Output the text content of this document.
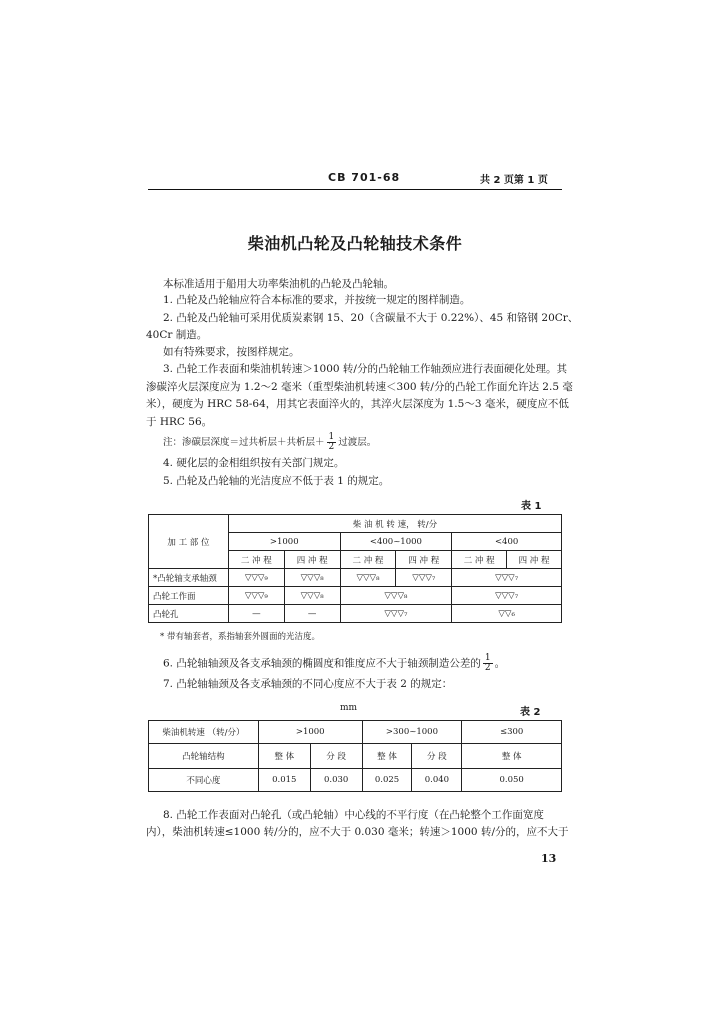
CB 701-68	共 2 页第 1 页
柴油机凸轮及凸轮轴技术条件
本标准适用于船用大功率柴油机的凸轮及凸轮轴。
1. 凸轮及凸轮轴应符合本标准的要求，并按统一规定的图样制造。
2. 凸轮及凸轮轴可采用优质炭素钢 15、20（含碳量不大于 0.22%）、45 和铬钢 20Cr、
40Cr 制造。
如有特殊要求，按图样规定。
3. 凸轮工作表面和柴油机转速＞1000 转/分的凸轮轴工作轴颈应进行表面硬化处理。其
渗碳淬火层深度应为 1.2～2 毫米（重型柴油机转速＜300 转/分的凸轮工作面允许达 2.5 毫
米），硬度为 HRC 58-64，用其它表面淬火的，其淬火层深度为 1.5～3 毫米，硬度应不低
于 HRC 56。
注：渗碳层深度＝过共析层＋共析层＋ $\frac{1}{2}$ 过渡层。
4. 硬化层的金相组织按有关部门规定。
5. 凸轮及凸轮轴的光洁度应不低于表 1 的规定。
表 1
加 工 部 位	柴 油 机 转 速， 转/分					
	>1000		<400~1000		<400	
	二 冲 程	四 冲 程	二 冲 程	四 冲 程	二 冲 程	四 冲 程
*凸轮轴支承轴颈	▽▽▽₉	▽▽▽₈	▽▽▽₈	▽▽▽₇	▽▽▽₇	
凸轮工作面	▽▽▽₉	▽▽▽₈	▽▽▽₈		▽▽▽₇	
凸轮孔	—	—	▽▽▽₇		▽▽₆	
* 带有轴套者，系指轴套外圆面的光洁度。
6. 凸轮轴轴颈及各支承轴颈的椭圆度和锥度应不大于轴颈制造公差的 $\frac{1}{2}$ 。
7. 凸轮轴轴颈及各支承轴颈的不同心度应不大于表 2 的规定：
mm	表 2
柴油机转速 （转/分）	>1000		>300~1000		≤300
凸轮轴结构	整 体	分 段	整 体	分 段	整 体
不同心度	0.015	0.030	0.025	0.040	0.050
8. 凸轮工作表面对凸轮孔（或凸轮轴）中心线的不平行度（在凸轮整个工作面宽度
内），柴油机转速≤1000 转/分的，应不大于 0.030 毫米；转速＞1000 转/分的，应不大于
13
